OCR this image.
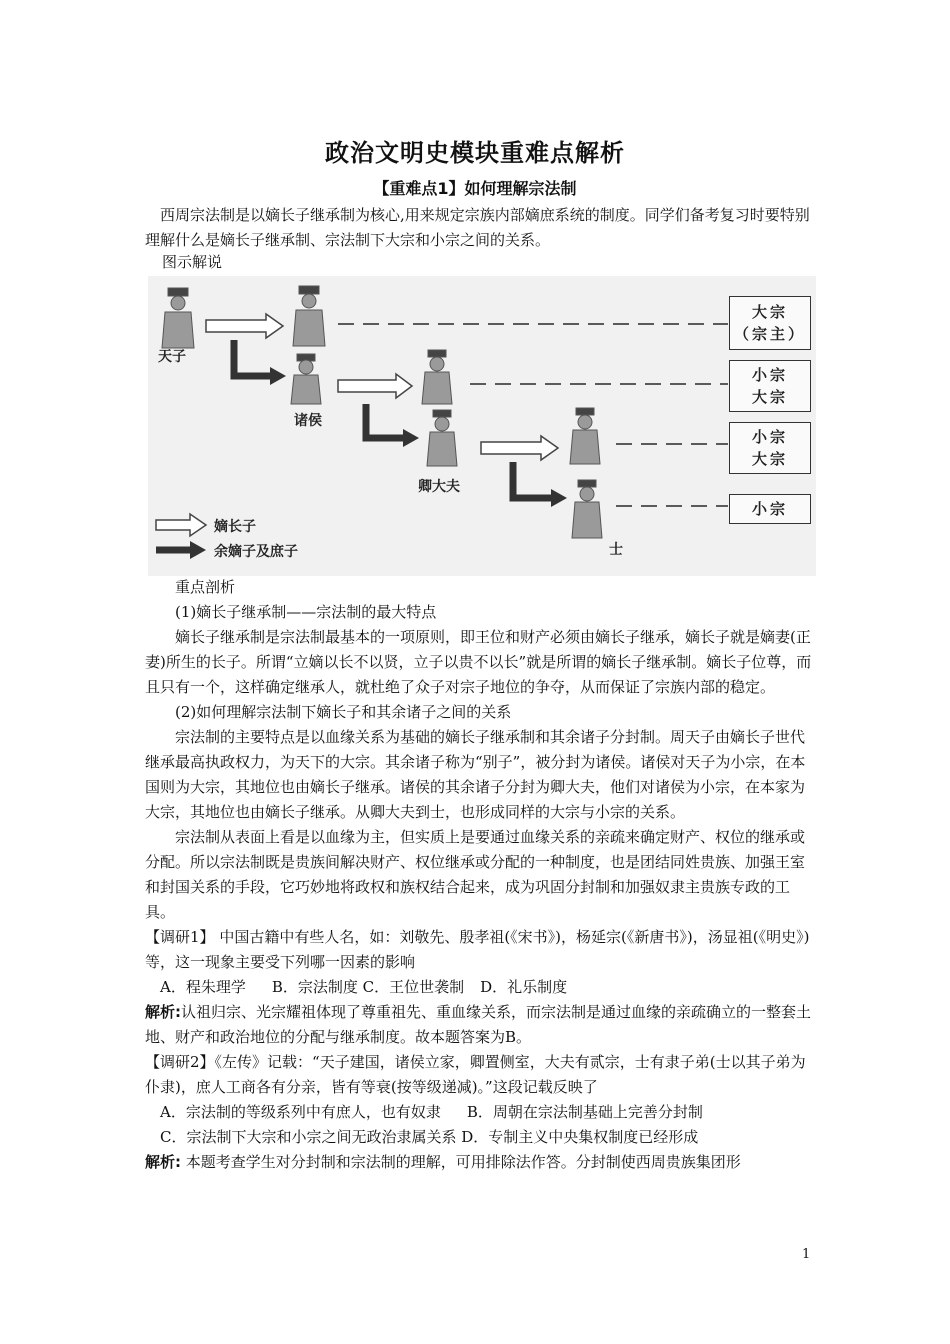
政治文明史模块重难点解析
【重难点1】如何理解宗法制
西周宗法制是以嫡长子继承制为核心,用来规定宗族内部嫡庶系统的制度。同学们备考复习时要特别理解什么是嫡长子继承制、宗法制下大宗和小宗之间的关系。
图示解说
天子
诸侯
卿大夫
士
大宗
（宗主）
小宗
大宗
小宗
大宗
小宗
嫡长子
余嫡子及庶子

重点剖析

(1)嫡长子继承制——宗法制的最大特点

嫡长子继承制是宗法制最基本的一项原则，即王位和财产必须由嫡长子继承，嫡长子就是嫡妻(正妻)所生的长子。所谓“立嫡以长不以贤，立子以贵不以长”就是所谓的嫡长子继承制。嫡长子位尊，而且只有一个，这样确定继承人，就杜绝了众子对宗子地位的争夺，从而保证了宗族内部的稳定。

(2)如何理解宗法制下嫡长子和其余诸子之间的关系

宗法制的主要特点是以血缘关系为基础的嫡长子继承制和其余诸子分封制。周天子由嫡长子世代继承最高执政权力，为天下的大宗。其余诸子称为“别子”，被分封为诸侯。诸侯对天子为小宗，在本国则为大宗，其地位也由嫡长子继承。诸侯的其余诸子分封为卿大夫，他们对诸侯为小宗，在本家为大宗，其地位也由嫡长子继承。从卿大夫到士，也形成同样的大宗与小宗的关系。

宗法制从表面上看是以血缘为主，但实质上是要通过血缘关系的亲疏来确定财产、权位的继承或分配。所以宗法制既是贵族间解决财产、权位继承或分配的一种制度，也是团结同姓贵族、加强王室和封国关系的手段，它巧妙地将政权和族权结合起来，成为巩固分封制和加强奴隶主贵族专政的工具。

【调研1】 中国古籍中有些人名，如：刘敬先、殷孝祖(《宋书》)，杨延宗(《新唐书》)，汤显祖(《明史》)等，这一现象主要受下列哪一因素的影响

A．程朱理学 B．宗法制度 C．王位世袭制 D．礼乐制度

解析:认祖归宗、光宗耀祖体现了尊重祖先、重血缘关系，而宗法制是通过血缘的亲疏确立的一整套土地、财产和政治地位的分配与继承制度。故本题答案为B。

【调研2】《左传》记载：“天子建国，诸侯立家，卿置侧室，大夫有贰宗，士有隶子弟(士以其子弟为仆隶)，庶人工商各有分亲，皆有等衰(按等级递减)。”这段记载反映了

A．宗法制的等级系列中有庶人，也有奴隶 B．周朝在宗法制基础上完善分封制

C．宗法制下大宗和小宗之间无政治隶属关系 D．专制主义中央集权制度已经形成

解析: 本题考查学生对分封制和宗法制的理解，可用排除法作答。分封制使西周贵族集团形

1
